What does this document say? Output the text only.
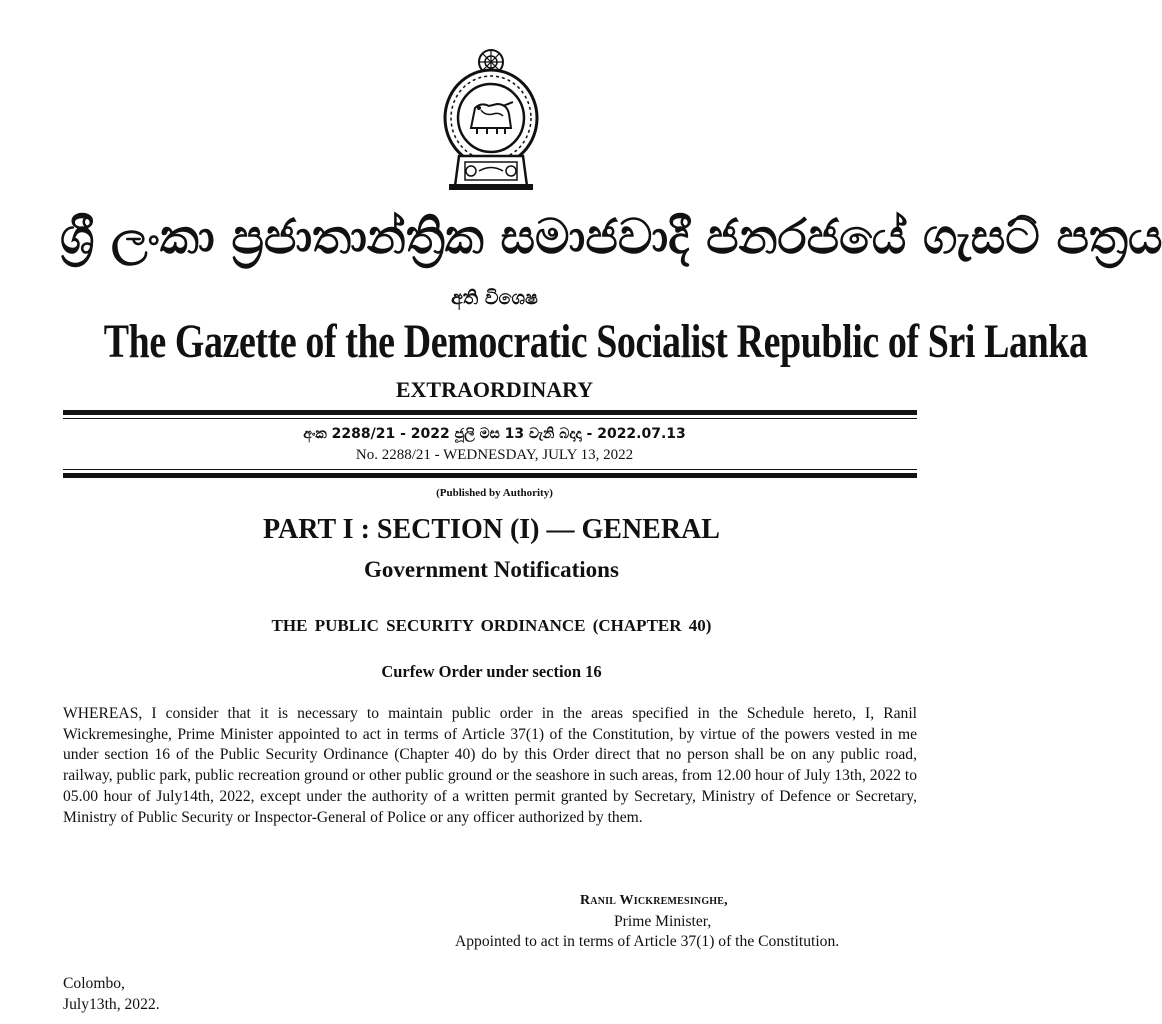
ශ්‍රී ලංකා ප්‍රජාතාන්ත්‍රික සමාජවාදී ජනරජයේ ගැසට් පත්‍රය
අති විශෙෂ
The Gazette of the Democratic Socialist Republic of Sri Lanka
EXTRAORDINARY
අංක 2288/21 - 2022 ජූලි මස 13 වැනි බදාදා - 2022.07.13
No. 2288/21 - WEDNESDAY, JULY 13, 2022
(Published by Authority)
PART I : SECTION (I) — GENERAL
Government Notifications
THE PUBLIC SECURITY ORDINANCE (CHAPTER 40)
Curfew Order under section 16
WHEREAS, I consider that it is necessary to maintain public order in the areas specified in the Schedule hereto, I, Ranil Wickremesinghe, Prime Minister appointed to act in terms of Article 37(1) of the Constitution, by virtue of the powers vested in me under section 16 of the Public Security Ordinance (Chapter 40) do by this Order direct that no person shall be on any public road, railway, public park, public recreation ground or other public ground or the seashore in such areas, from 12.00 hour of July 13th, 2022 to 05.00 hour of July14th, 2022, except under the authority of a written permit granted by Secretary, Ministry of Defence or Secretary, Ministry of Public Security or Inspector-General of Police or any officer authorized by them.
Ranil Wickremesinghe,
Prime Minister,
Appointed to act in terms of Article 37(1) of the Constitution.
Colombo,
July13th, 2022.
